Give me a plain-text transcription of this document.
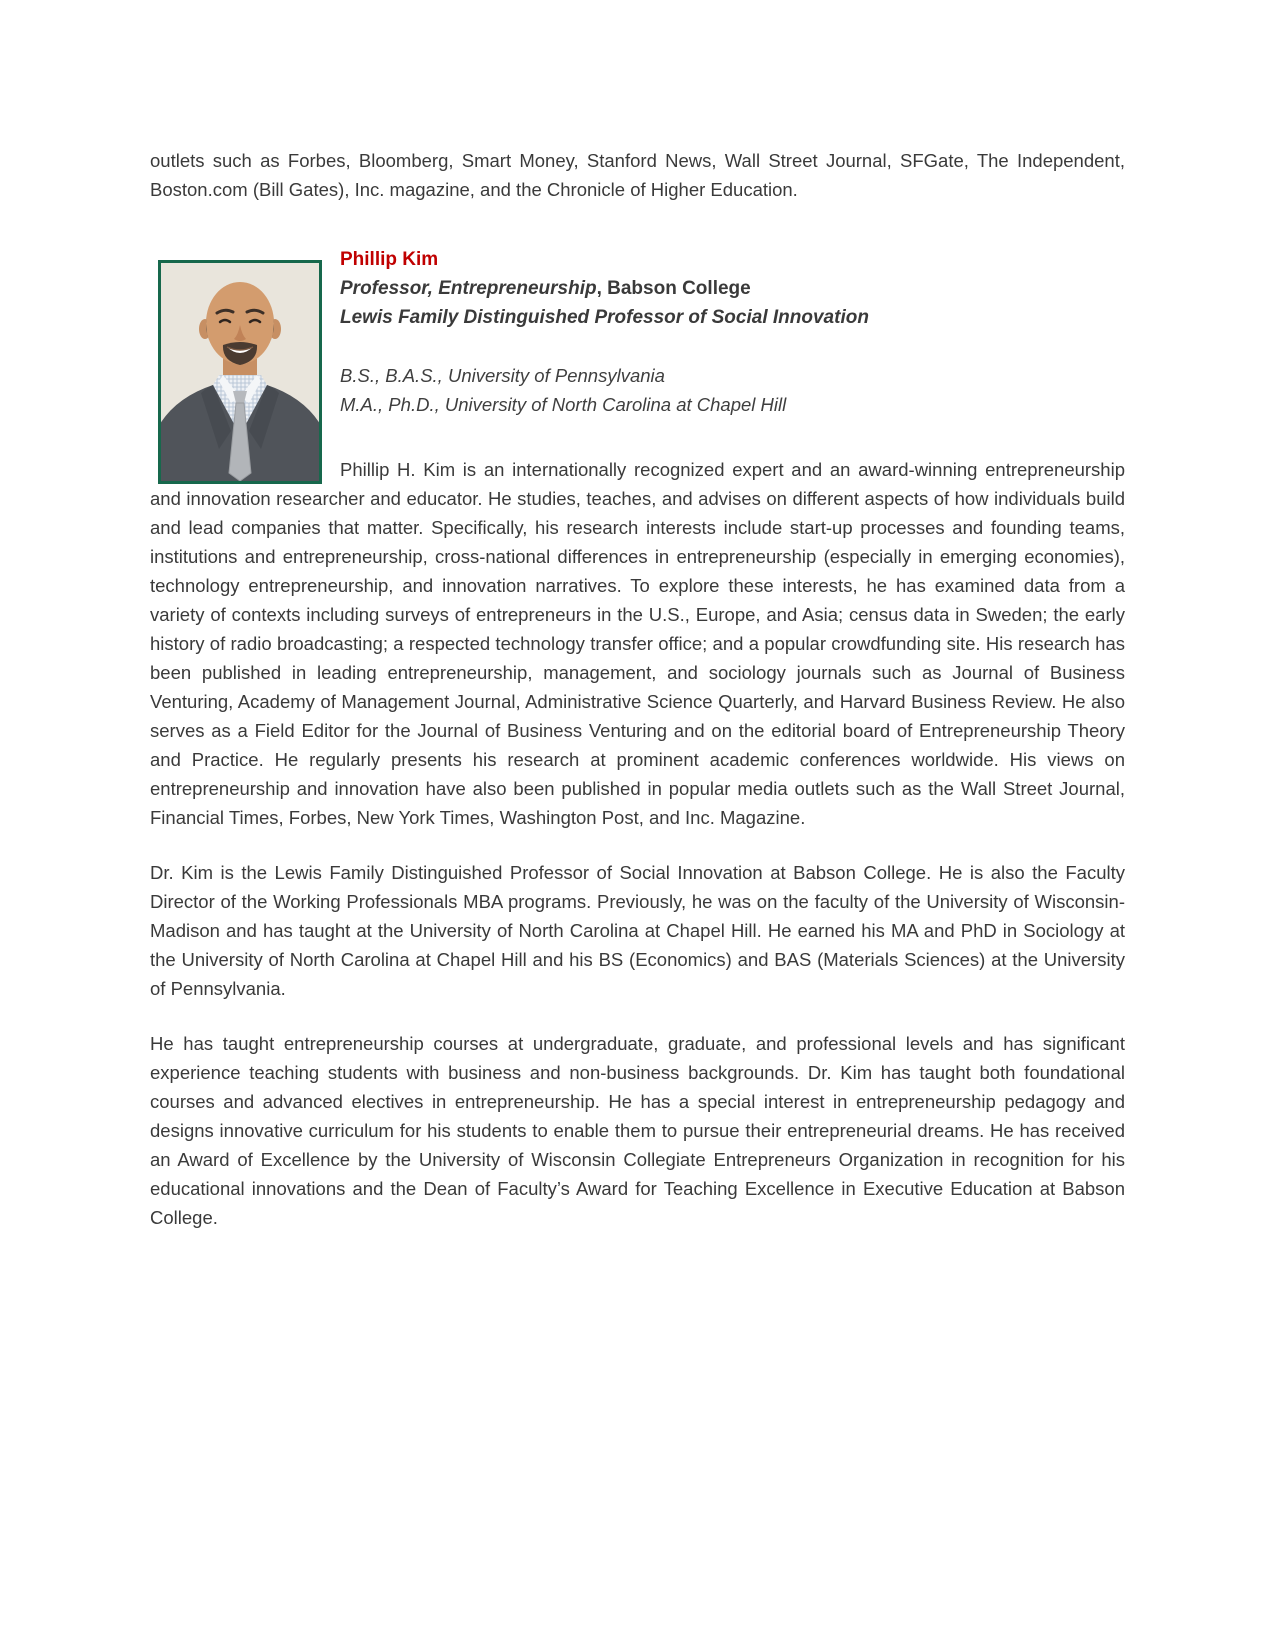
outlets such as Forbes, Bloomberg, Smart Money, Stanford News, Wall Street Journal, SFGate, The Independent, Boston.com (Bill Gates), Inc. magazine, and the Chronicle of Higher Education.

Phillip Kim

Professor, Entrepreneurship, Babson College

Lewis Family Distinguished Professor of Social Innovation

B.S., B.A.S., University of Pennsylvania

M.A., Ph.D., University of North Carolina at Chapel Hill

Phillip H. Kim is an internationally recognized expert and an award-winning entrepreneurship and innovation researcher and educator. He studies, teaches, and advises on different aspects of how individuals build and lead companies that matter. Specifically, his research interests include start-up processes and founding teams, institutions and entrepreneurship, cross-national differences in entrepreneurship (especially in emerging economies), technology entrepreneurship, and innovation narratives. To explore these interests, he has examined data from a variety of contexts including surveys of entrepreneurs in the U.S., Europe, and Asia; census data in Sweden; the early history of radio broadcasting; a respected technology transfer office; and a popular crowdfunding site. His research has been published in leading entrepreneurship, management, and sociology journals such as Journal of Business Venturing, Academy of Management Journal, Administrative Science Quarterly, and Harvard Business Review. He also serves as a Field Editor for the Journal of Business Venturing and on the editorial board of Entrepreneurship Theory and Practice. He regularly presents his research at prominent academic conferences worldwide. His views on entrepreneurship and innovation have also been published in popular media outlets such as the Wall Street Journal, Financial Times, Forbes, New York Times, Washington Post, and Inc. Magazine.

Dr. Kim is the Lewis Family Distinguished Professor of Social Innovation at Babson College. He is also the Faculty Director of the Working Professionals MBA programs. Previously, he was on the faculty of the University of Wisconsin-Madison and has taught at the University of North Carolina at Chapel Hill. He earned his MA and PhD in Sociology at the University of North Carolina at Chapel Hill and his BS (Economics) and BAS (Materials Sciences) at the University of Pennsylvania.

He has taught entrepreneurship courses at undergraduate, graduate, and professional levels and has significant experience teaching students with business and non-business backgrounds. Dr. Kim has taught both foundational courses and advanced electives in entrepreneurship. He has a special interest in entrepreneurship pedagogy and designs innovative curriculum for his students to enable them to pursue their entrepreneurial dreams. He has received an Award of Excellence by the University of Wisconsin Collegiate Entrepreneurs Organization in recognition for his educational innovations and the Dean of Faculty’s Award for Teaching Excellence in Executive Education at Babson College.
